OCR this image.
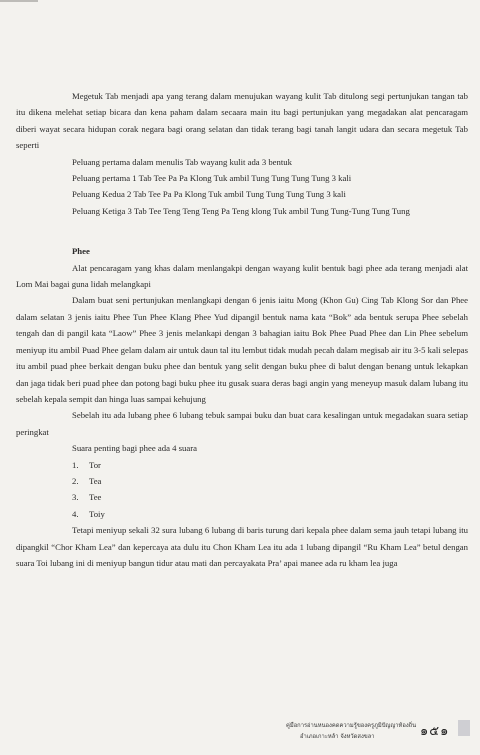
Megetuk Tab menjadi apa yang terang dalam menujukan wayang kulit Tab ditulong segi pertunjukan tangan tab itu dikena melehat setiap bicara dan kena paham dalam secaara main itu bagi pertunjukan yang megadakan alat pencaragam diberi wayat secara hidupan corak negara bagi orang selatan dan tidak terang bagi tanah langit udara dan secara megetuk Tab seperti

Peluang pertama dalam menulis Tab wayang kulit ada 3 bentuk

Peluang pertama 1 Tab Tee Pa Pa Klong Tuk ambil Tung Tung Tung Tung 3 kali

Peluang Kedua 2 Tab Tee Pa Pa Klong Tuk ambil Tung Tung Tung Tung 3 kali

Peluang Ketiga 3 Tab Tee Teng Teng Teng Pa Teng klong Tuk ambil Tung Tung-Tung Tung Tung

Phee

Alat pencaragam yang khas dalam menlangakpi dengan wayang kulit bentuk bagi phee ada terang menjadi alat Lom Mai bagai guna lidah melangkapi

Dalam buat seni pertunjukan menlangkapi dengan 6 jenis iaitu Mong (Khon Gu) Cing Tab Klong Sor dan Phee dalam selatan 3 jenis iaitu Phee Tun Phee Klang Phee Yud dipangil bentuk nama kata “Bok” ada bentuk serupa Phee sebelah tengah dan di pangil kata “Laow” Phee 3 jenis melankapi dengan 3 bahagian iaitu Bok Phee Puad Phee dan Lin Phee sebelum meniyup itu ambil Puad Phee gelam dalam air untuk daun tal itu lembut tidak mudah pecah dalam megisab air itu 3-5 kali selepas itu ambil puad phee berkait dengan buku phee dan bentuk yang selit dengan buku phee di balut dengan benang untuk lekapkan dan jaga tidak beri puad phee dan potong bagi buku phee itu gusak suara deras bagi angin yang meneyup masuk dalam lubang itu sebelah kepala sempit dan hinga luas sampai kehujung

Sebelah itu ada lubang phee 6 lubang tebuk sampai buku dan buat cara kesalingan untuk megadakan suara setiap peringkat

Suara penting bagi phee ada 4 suara

1. Tor
2. Tea
3. Tee
4. Toiy

Tetapi meniyup sekali 32 sura lubang 6 lubang di baris turung dari kepala phee dalam sema jauh tetapi lubang itu dipangkil “Chor Kham Lea” dan kepercaya ata dulu itu Chon Kham Lea itu ada 1 lubang dipangil “Ru Kham Lea” betul dengan suara Toi lubang ini di meniyup bangun tidur atau mati dan percayakata Pra’ apai manee ada ru kham lea juga

คู่มือการอ่านหนองคดความรู้ของครูภูมิปัญญาท้องถิ่น
อำเภอเกาะหล้า จังหวัดสงขลา	๑๕๑
